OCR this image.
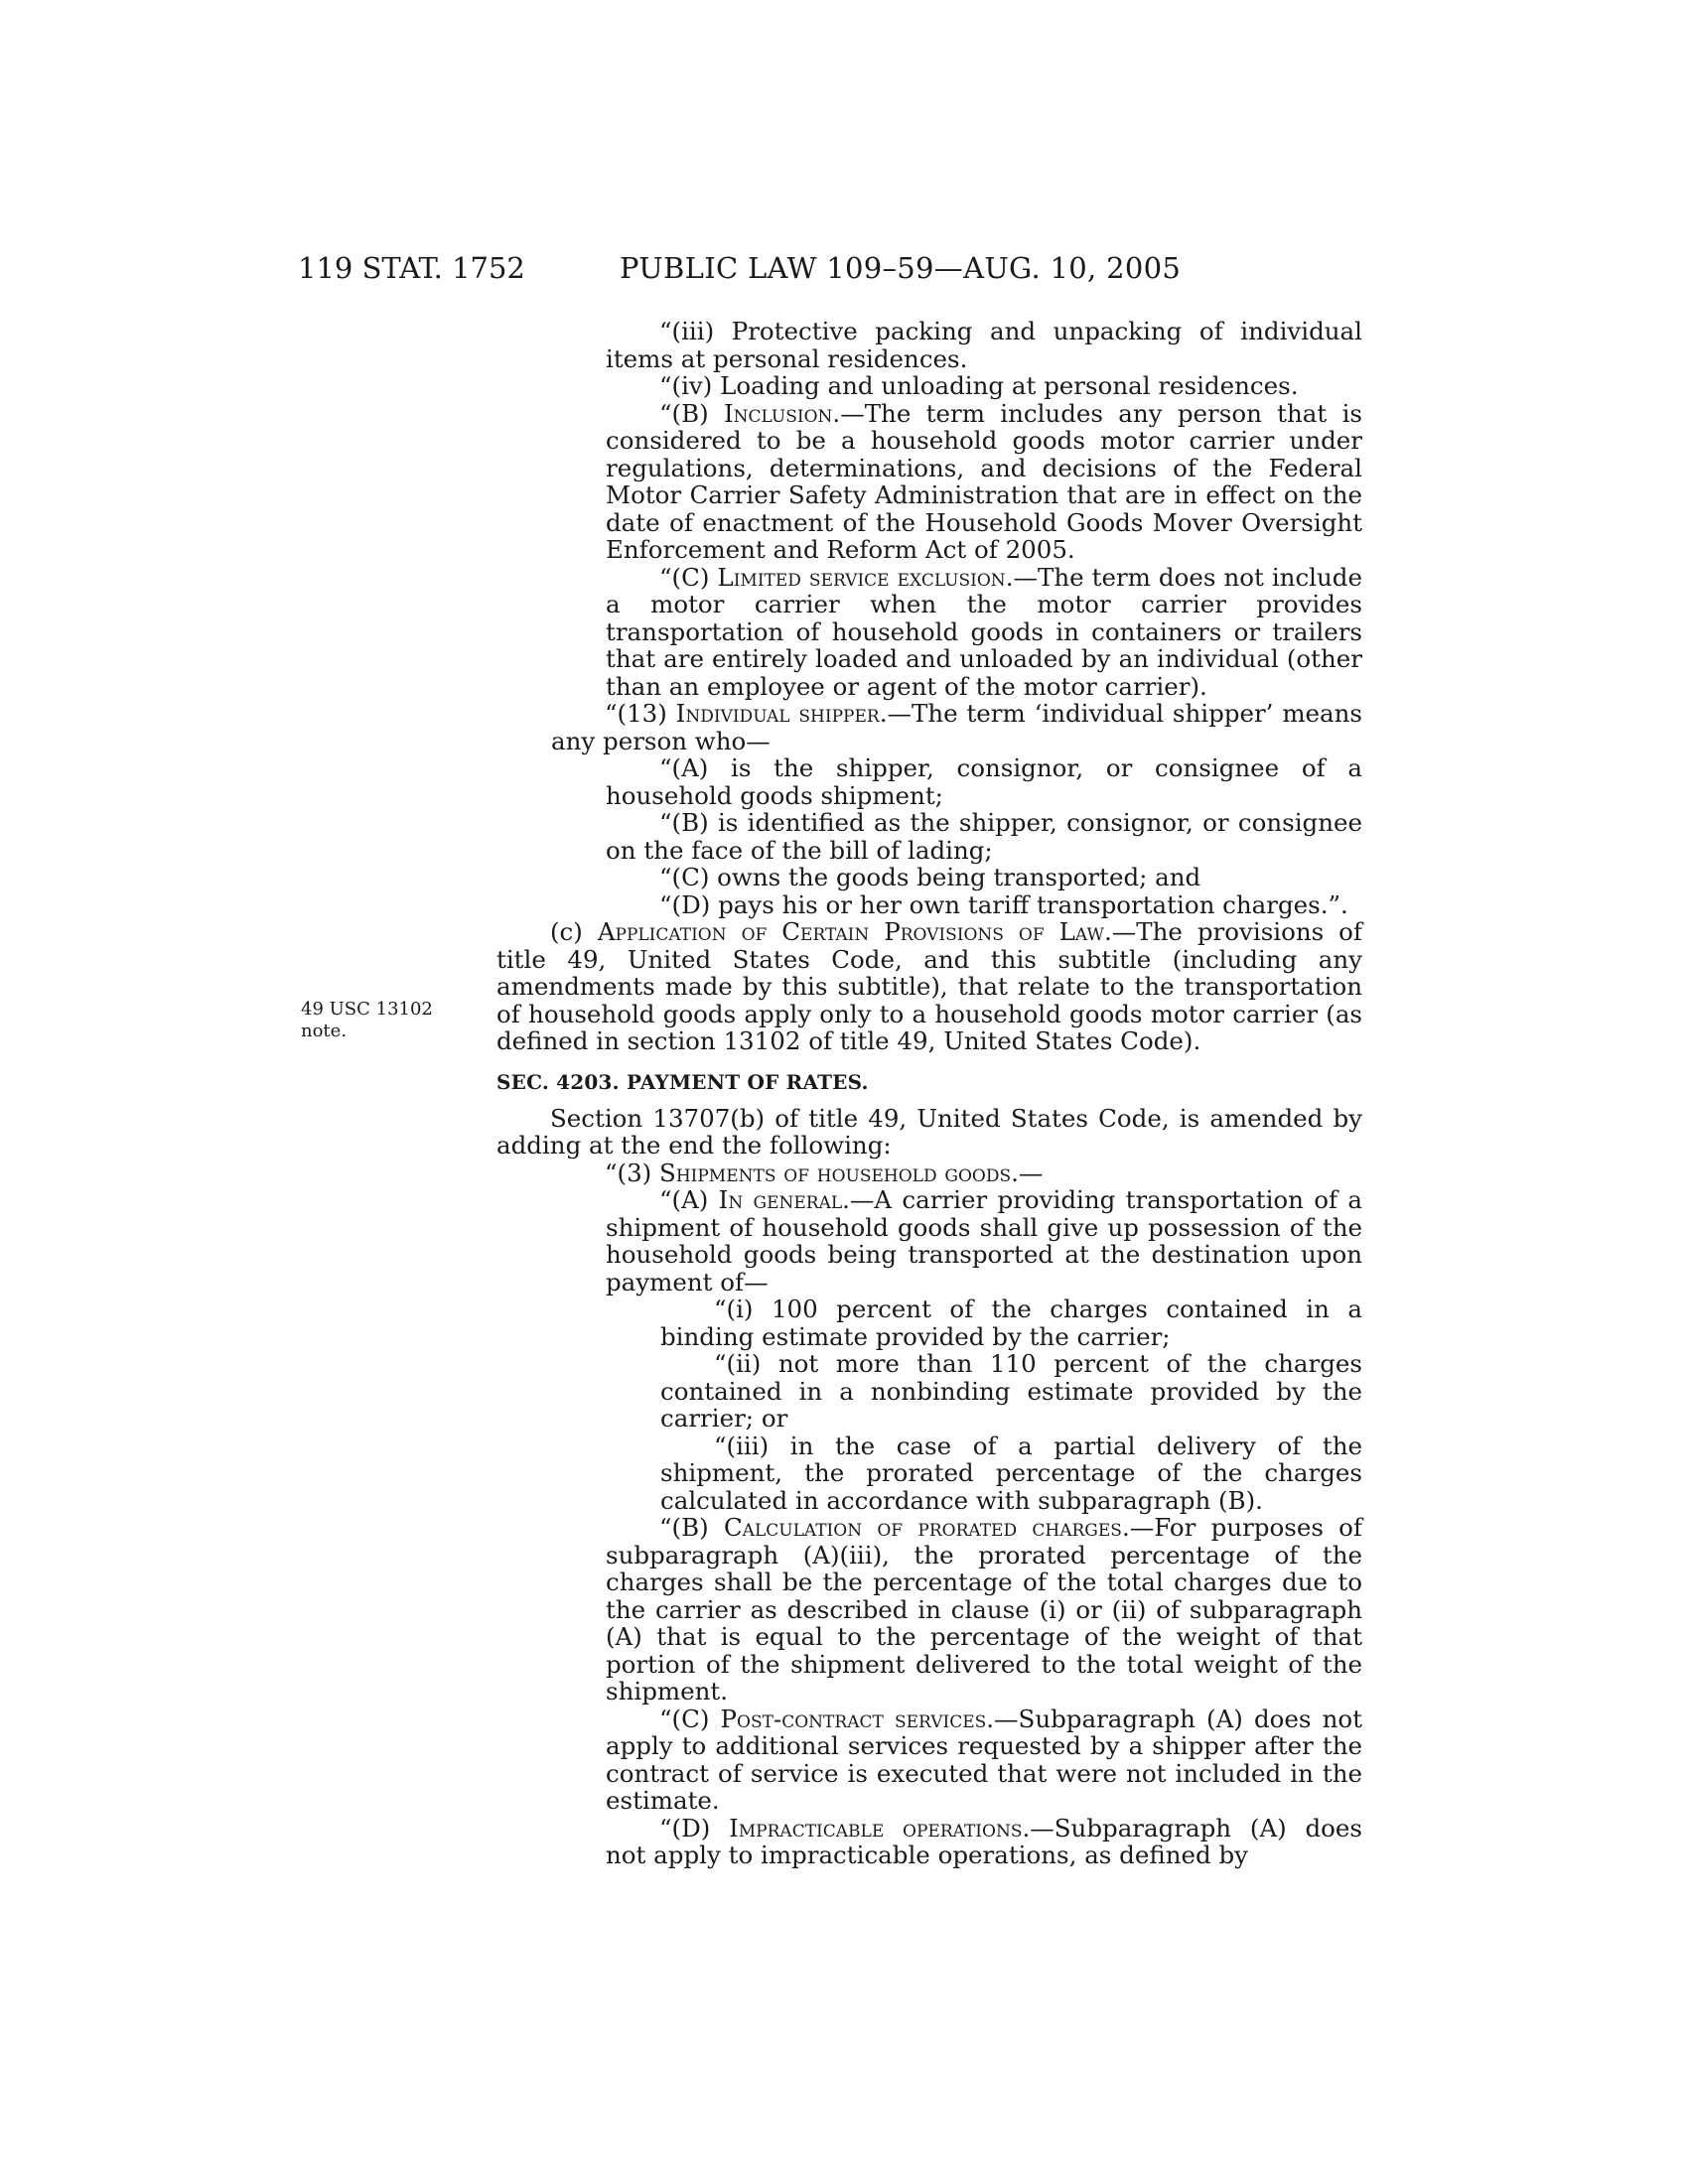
119 STAT. 1752	PUBLIC LAW 109–59—AUG. 10, 2005
49 USC 13102
note.

“(iii) Protective packing and unpacking of individual items at personal residences.

“(iv) Loading and unloading at personal residences.

“(B) Inclusion.—The term includes any person that is considered to be a household goods motor carrier under regulations, determinations, and decisions of the Federal Motor Carrier Safety Administration that are in effect on the date of enactment of the Household Goods Mover Oversight Enforcement and Reform Act of 2005.

“(C) Limited service exclusion.—The term does not include a motor carrier when the motor carrier provides transportation of household goods in containers or trailers that are entirely loaded and unloaded by an individual (other than an employee or agent of the motor carrier).

“(13) Individual shipper.—The term ‘individual shipper’ means any person who—

“(A) is the shipper, consignor, or consignee of a household goods shipment;

“(B) is identified as the shipper, consignor, or consignee on the face of the bill of lading;

“(C) owns the goods being transported; and

“(D) pays his or her own tariff transportation charges.”.

(c) Application of Certain Provisions of Law.—The provisions of title 49, United States Code, and this subtitle (including any amendments made by this subtitle), that relate to the transportation of household goods apply only to a household goods motor carrier (as defined in section 13102 of title 49, United States Code).

SEC. 4203. PAYMENT OF RATES.

Section 13707(b) of title 49, United States Code, is amended by adding at the end the following:

“(3) Shipments of household goods.—

“(A) In general.—A carrier providing transportation of a shipment of household goods shall give up possession of the household goods being transported at the destination upon payment of—

“(i) 100 percent of the charges contained in a binding estimate provided by the carrier;

“(ii) not more than 110 percent of the charges contained in a nonbinding estimate provided by the carrier; or

“(iii) in the case of a partial delivery of the shipment, the prorated percentage of the charges calculated in accordance with subparagraph (B).

“(B) Calculation of prorated charges.—For purposes of subparagraph (A)(iii), the prorated percentage of the charges shall be the percentage of the total charges due to the carrier as described in clause (i) or (ii) of subparagraph (A) that is equal to the percentage of the weight of that portion of the shipment delivered to the total weight of the shipment.

“(C) Post-contract services.—Subparagraph (A) does not apply to additional services requested by a shipper after the contract of service is executed that were not included in the estimate.

“(D) Impracticable operations.—Subparagraph (A) does not apply to impracticable operations, as defined by
